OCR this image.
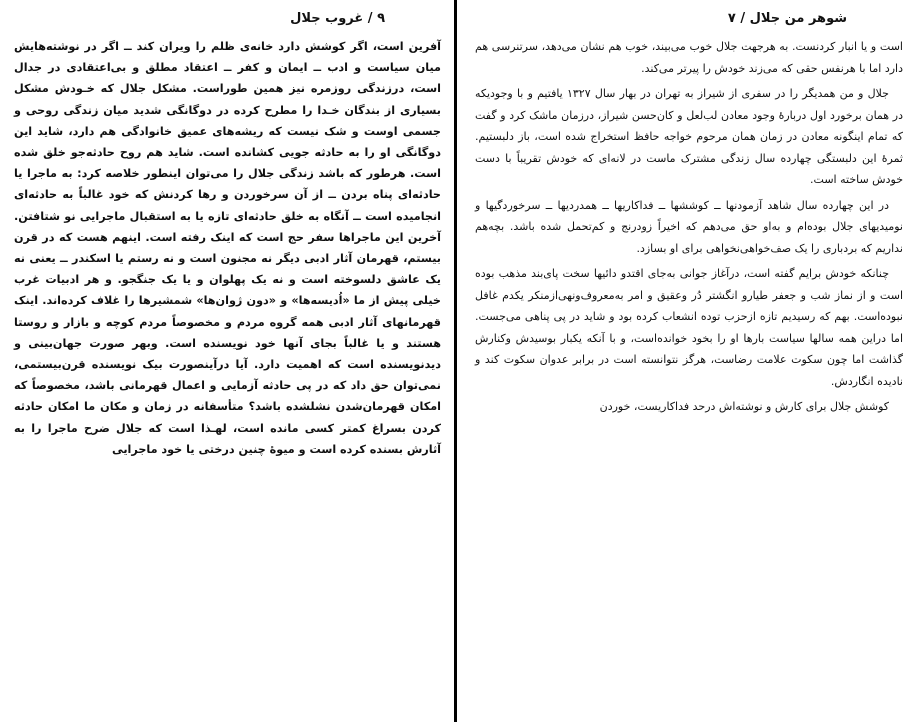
۹ / غروب جلال

آفرین است، اگر کوشش دارد خانه‌ی ظلم را ویران کند ــ اگر در نوشته‌هایش میان سیاست و ادب ــ ایمان و کفر ــ اعتقاد مطلق و بی‌اعتقادی در جدال است، درزندگی روزمره نیز همین طوراست. مشکل جلال که خـودش مشکل بسیاری از بندگان خـدا را مطرح کرده در دوگانگی شدید میان زندگی روحی و جسمی اوست و شک نیست که ریشه‌های عمیق خانوادگی هم دارد، شاید این دوگانگی او را به حادثه جویی کشانده است. شاید هم روح حادثه‌جو خلق شده است. هرطور که باشد زندگی جلال را می‌توان اینطور خلاصه کرد: به ماجرا یا حادثه‌ای پناه بردن ــ از آن سرخوردن و رها کردنش که خود غالباً به حادثه‌ای انجامیده است ــ آنگاه به خلق حادثه‌ای تازه یا به استقبال ماجرایی نو شتافتن. آخرین این ماجراها سفر حج است که اینک رفته است. اینهم هست که در قرن بیستم، قهرمان آثار ادبی دیگر نه مجنون است و نه رستم یا اسکندر ــ یعنی نه یک عاشق دلسوخته است و نه یک پهلوان و یا یک جنگجو. و هر ادبیات غرب خیلی پیش از ما «اُدیسه‌ها» و «دون ژوان‌ها» شمشیرها را غلاف کرده‌اند. اینک قهرمانهای آثار ادبی همه گروه مردم و مخصوصاً مردم کوچه و بازار و روستا هستند و یا غالباً بجای آنها خود نویسنده است. وبهر صورت جهان‌بینی و دیدنویسنده است که اهمیت دارد. آیا درآینصورت بیک نویسنده قرن‌بیستمی، نمی‌توان حق داد که در پی حادثه آزمایی و اعمال قهرمانی باشد، مخصوصاً که امکان قهرمان‌شدن نشلشده باشد؟ متأسفانه در زمان و مکان ما امکان حادثه کردن بسراغ کمتر کسی مانده است، لهـذا است که جلال ضرح ماجرا را به آثارش بسنده کرده است و میوهٔ چنین درختی یا خود ماجرایی

شوهر من جلال / ۷

است و یا انبار کردنست. به هرجهت جلال خوب می‌بیند، خوب هم نشان می‌دهد، سرتنرسی هم دارد اما با هرنفس حقی که می‌زند خودش را پیرتر می‌کند.

جلال و من همدیگر را در سفری از شیراز به تهران در بهار سال ۱۳۲۷ یافتیم و با وجودیکه در همان برخورد اول دربارهٔ وجود معادن لب‌لعل و کان‌حسن شیراز، درزمان ماشک کرد و گفت که تمام اینگونه معادن در زمان همان مرحوم خواجه حافظ استخراج شده است، باز دلبستیم. ثمرهٔ این دلبستگی چهارده سال زندگی مشترک ماست در لانه‌ای که خودش تقریباً با دست خودش ساخته است.

در این چهارده سال شاهد آزمودنها ــ کوششها ــ فداکاریها ــ همدردیها ــ سرخوردگیها و نومیدیهای جلال بوده‌ام و به‌او حق می‌دهم که اخیراً زودرنج و کم‌تحمل شده باشد. بچه‌هم نداریم که بردباری را یک صف‌خواهی‌نخواهی برای او بسازد.

چنانکه خودش برایم گفته است، درآغاز جوانی به‌جای اقتدو دائیها سخت پای‌بند مذهب بوده است و از نماز شب و جعفر طیارو انگشتر دُر وعقیق و امر به‌معروف‌ونهی‌ازمنکر یکدم غافل نبوده‌است. بهم که رسیدیم تازه ازحزب توده انشعاب کرده بود و شاید در پی پناهی می‌جست. اما دراین همه سالها سیاست بارها او را بخود خوانده‌است، و با آنکه یکبار بوسیدش وکنارش گذاشت اما چون سکوت علامت رضاست، هرگز نتوانسته است در برابر عدوان سکوت کند و نادیده انگاردش.

کوشش جلال برای کارش و نوشته‌اش درحد فداکاریست، خوردن
